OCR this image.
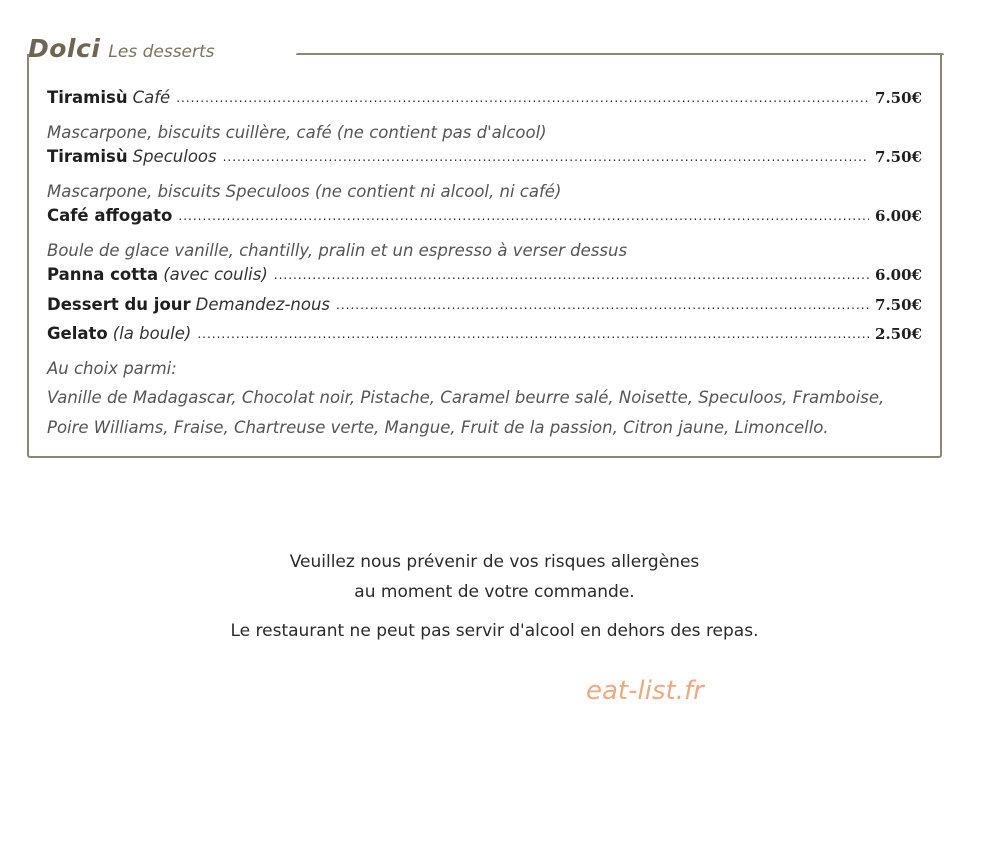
Dolci Les desserts
Tiramisù Café .....	7.50€
Mascarpone, biscuits cuillère, café (ne contient pas d'alcool)
Tiramisù Speculoos .....	7.50€
Mascarpone, biscuits Speculoos (ne contient ni alcool, ni café)
Café affogato .....	6.00€
Boule de glace vanille, chantilly, pralin et un espresso à verser dessus
Panna cotta (avec coulis) .....	6.00€
Dessert du jour Demandez-nous .....	7.50€
Gelato (la boule) .....	2.50€
Au choix parmi:
Vanille de Madagascar, Chocolat noir, Pistache, Caramel beurre salé, Noisette, Speculoos, Framboise,
Poire Williams, Fraise, Chartreuse verte, Mangue, Fruit de la passion, Citron jaune, Limoncello.
Veuillez nous prévenir de vos risques allergènes
au moment de votre commande.
Le restaurant ne peut pas servir d'alcool en dehors des repas.
eat-list.fr
